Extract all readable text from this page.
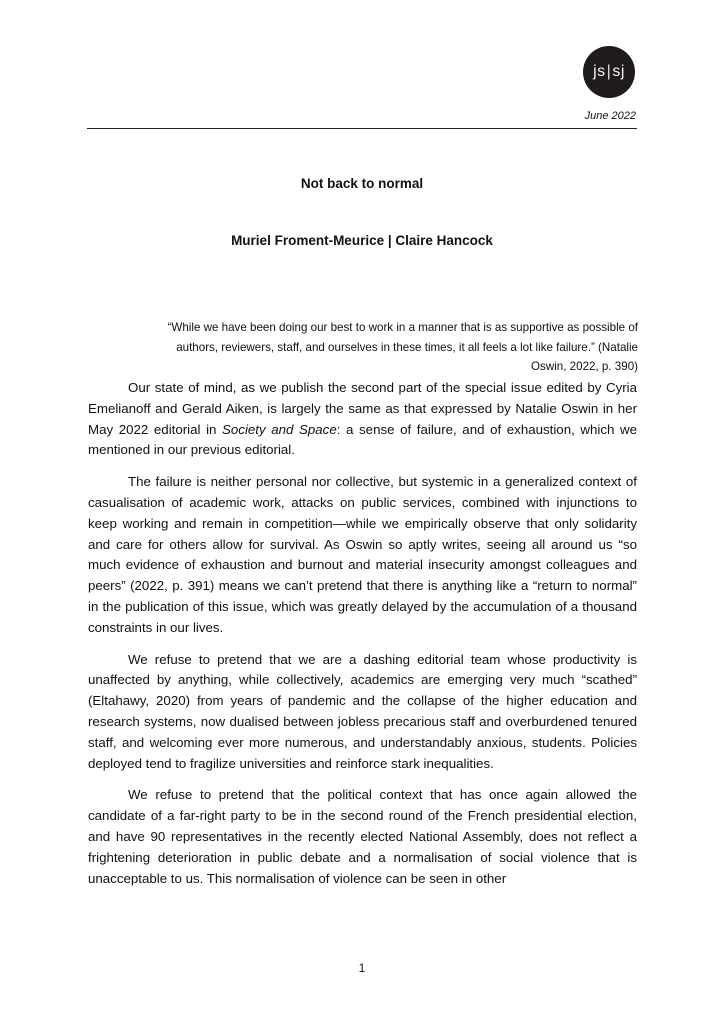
js | sj
June 2022
Not back to normal
Muriel Froment-Meurice | Claire Hancock
“While we have been doing our best to work in a manner that is as supportive as possible of authors, reviewers, staff, and ourselves in these times, it all feels a lot like failure.” (Natalie Oswin, 2022, p. 390)

Our state of mind, as we publish the second part of the special issue edited by Cyria Emelianoff and Gerald Aiken, is largely the same as that expressed by Natalie Oswin in her May 2022 editorial in Society and Space: a sense of failure, and of exhaustion, which we mentioned in our previous editorial.

The failure is neither personal nor collective, but systemic in a generalized context of casualisation of academic work, attacks on public services, combined with injunctions to keep working and remain in competition—while we empirically observe that only solidarity and care for others allow for survival. As Oswin so aptly writes, seeing all around us “so much evidence of exhaustion and burnout and material insecurity amongst colleagues and peers” (2022, p. 391) means we can’t pretend that there is anything like a “return to normal” in the publication of this issue, which was greatly delayed by the accumulation of a thousand constraints in our lives.

We refuse to pretend that we are a dashing editorial team whose productivity is unaffected by anything, while collectively, academics are emerging very much “scathed” (Eltahawy, 2020) from years of pandemic and the collapse of the higher education and research systems, now dualised between jobless precarious staff and overburdened tenured staff, and welcoming ever more numerous, and understandably anxious, students. Policies deployed tend to fragilize universities and reinforce stark inequalities.

We refuse to pretend that the political context that has once again allowed the candidate of a far-right party to be in the second round of the French presidential election, and have 90 representatives in the recently elected National Assembly, does not reflect a frightening deterioration in public debate and a normalisation of social violence that is unacceptable to us. This normalisation of violence can be seen in other

1
